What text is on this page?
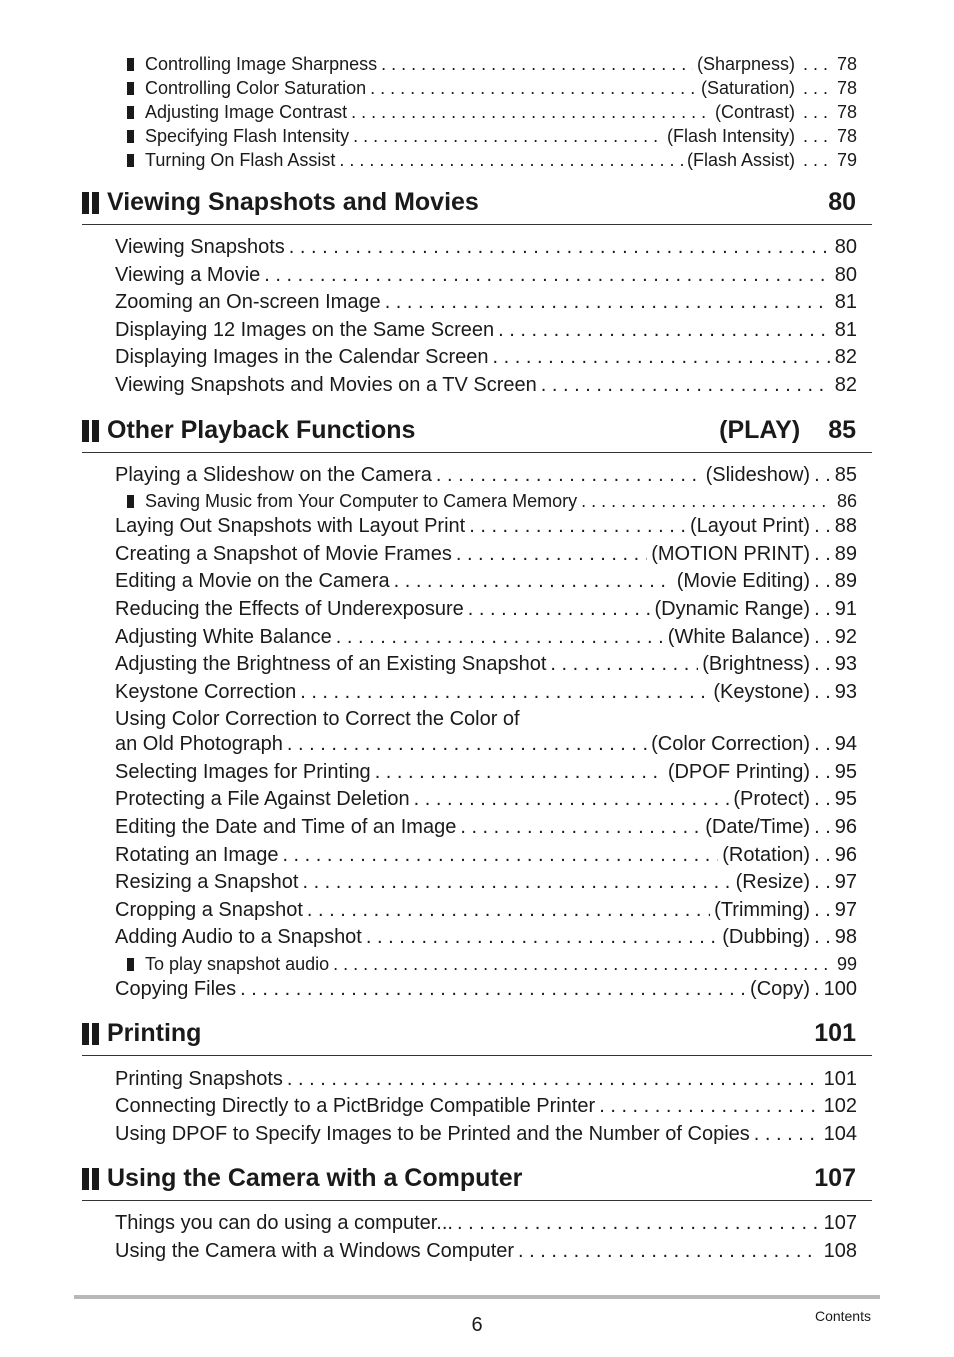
Controlling Image Sharpness . . .	(Sharpness) . . . 78
Controlling Color Saturation . . .	(Saturation) . . . 78
Adjusting Image Contrast . . .	(Contrast) . . . 78
Specifying Flash Intensity . . .	(Flash Intensity) . . . 78
Turning On Flash Assist . . .	(Flash Assist) . . . 79
Viewing Snapshots and Movies	80
Viewing Snapshots . . .	80
Viewing a Movie . . .	80
Zooming an On-screen Image . . .	81
Displaying 12 Images on the Same Screen . . .	81
Displaying Images in the Calendar Screen . . .	82
Viewing Snapshots and Movies on a TV Screen . . .	82
Other Playback Functions	(PLAY) 85
Playing a Slideshow on the Camera . . .	(Slideshow) . . 85
Saving Music from Your Computer to Camera Memory . . .	86
Laying Out Snapshots with Layout Print . . .	(Layout Print) . . 88
Creating a Snapshot of Movie Frames . . .	(MOTION PRINT) . . 89
Editing a Movie on the Camera . . .	(Movie Editing) . . 89
Reducing the Effects of Underexposure . . .	(Dynamic Range) . . 91
Adjusting White Balance . . .	(White Balance) . . 92
Adjusting the Brightness of an Existing Snapshot . . .	(Brightness) . . 93
Keystone Correction . . .	(Keystone) . . 93
Using Color Correction to Correct the Color of
an Old Photograph . . .	(Color Correction) . . 94
Selecting Images for Printing . . .	(DPOF Printing) . . 95
Protecting a File Against Deletion . . .	(Protect) . . 95
Editing the Date and Time of an Image . . .	(Date/Time) . . 96
Rotating an Image . . .	(Rotation) . . 96
Resizing a Snapshot . . .	(Resize) . . 97
Cropping a Snapshot . . .	(Trimming) . . 97
Adding Audio to a Snapshot . . .	(Dubbing) . . 98
To play snapshot audio . . .	99
Copying Files . . .	(Copy) . 100
Printing	101
Printing Snapshots . . .	101
Connecting Directly to a PictBridge Compatible Printer . . .	102
Using DPOF to Specify Images to be Printed and the Number of Copies . . .	104
Using the Camera with a Computer	107
Things you can do using a computer... . . .	107
Using the Camera with a Windows Computer . . .	108
6	Contents
